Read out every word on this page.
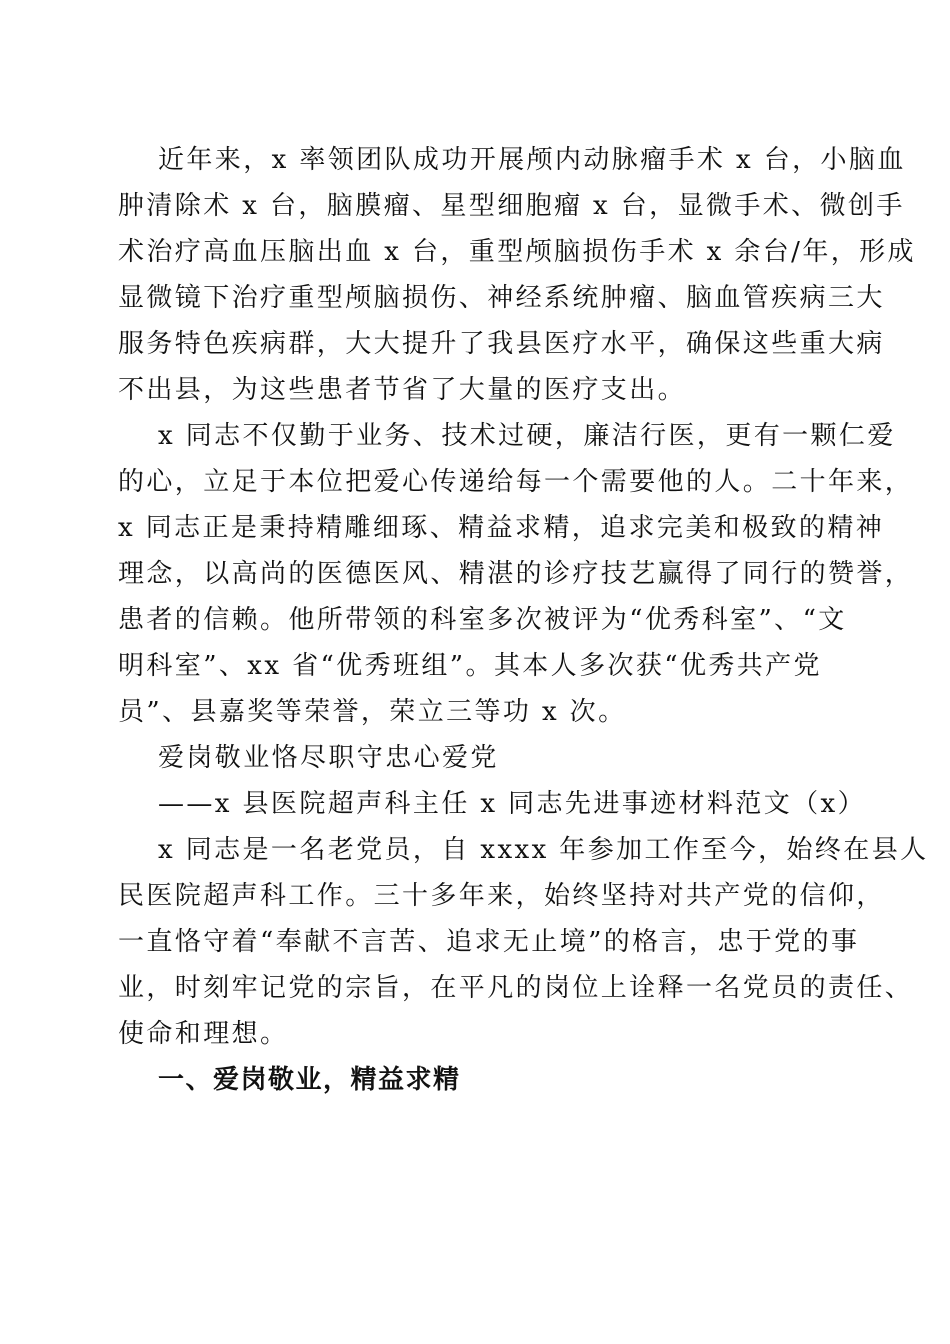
近年来，x 率领团队成功开展颅内动脉瘤手术 x 台，小脑血
肿清除术 x 台，脑膜瘤、星型细胞瘤 x 台，显微手术、微创手
术治疗高血压脑出血 x 台，重型颅脑损伤手术 x 余台/年，形成
显微镜下治疗重型颅脑损伤、神经系统肿瘤、脑血管疾病三大
服务特色疾病群，大大提升了我县医疗水平，确保这些重大病
不出县，为这些患者节省了大量的医疗支出。
x 同志不仅勤于业务、技术过硬，廉洁行医，更有一颗仁爱
的心，立足于本位把爱心传递给每一个需要他的人。二十年来，
x 同志正是秉持精雕细琢、精益求精，追求完美和极致的精神
理念，以高尚的医德医风、精湛的诊疗技艺赢得了同行的赞誉，
患者的信赖。他所带领的科室多次被评为“优秀科室”、“文
明科室”、xx 省“优秀班组”。其本人多次获“优秀共产党
员”、县嘉奖等荣誉，荣立三等功 x 次。
爱岗敬业恪尽职守忠心爱党
——x 县医院超声科主任 x 同志先进事迹材料范文（x）
x 同志是一名老党员，自 xxxx 年参加工作至今，始终在县人
民医院超声科工作。三十多年来，始终坚持对共产党的信仰，
一直恪守着“奉献不言苦、追求无止境”的格言，忠于党的事
业，时刻牢记党的宗旨，在平凡的岗位上诠释一名党员的责任、
使命和理想。
一、爱岗敬业，精益求精
